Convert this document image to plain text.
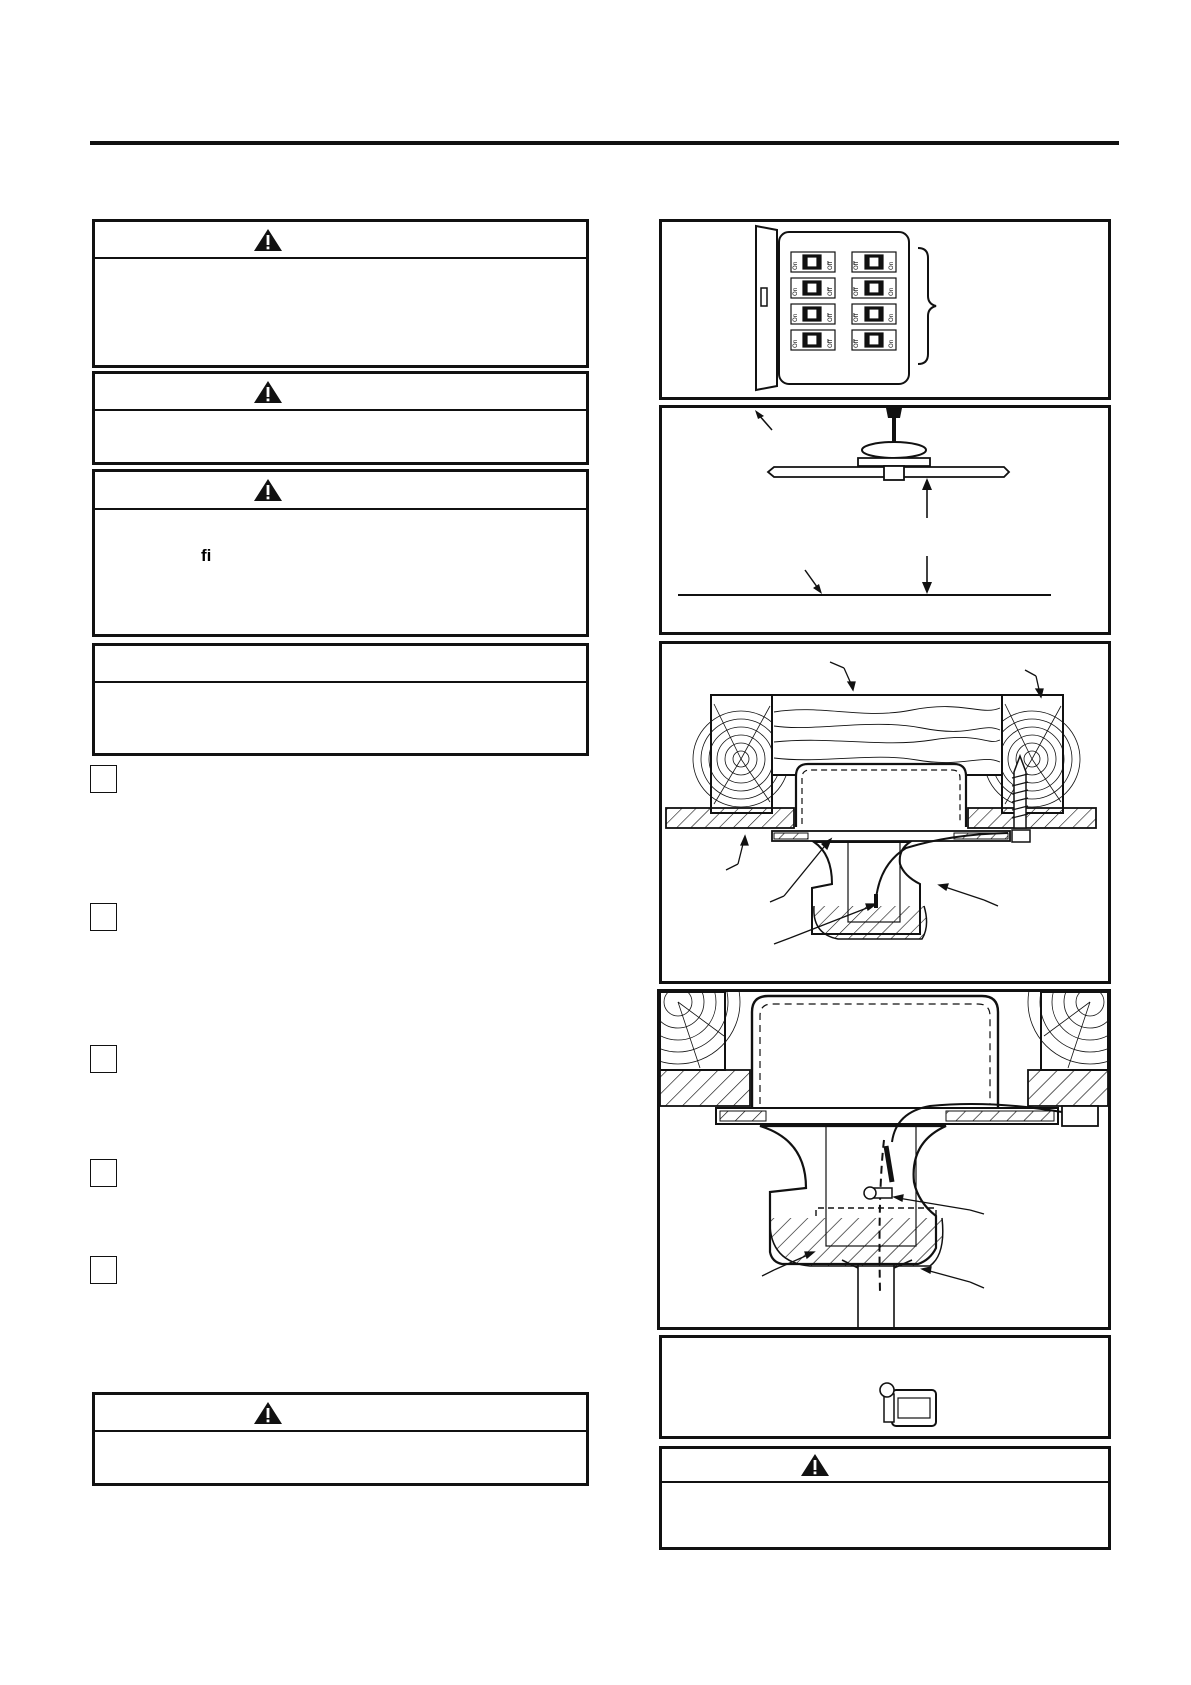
fi
On	Off
On	Off
On	Off
On	Off
Off	On
Off	On
Off	On
Off	On
